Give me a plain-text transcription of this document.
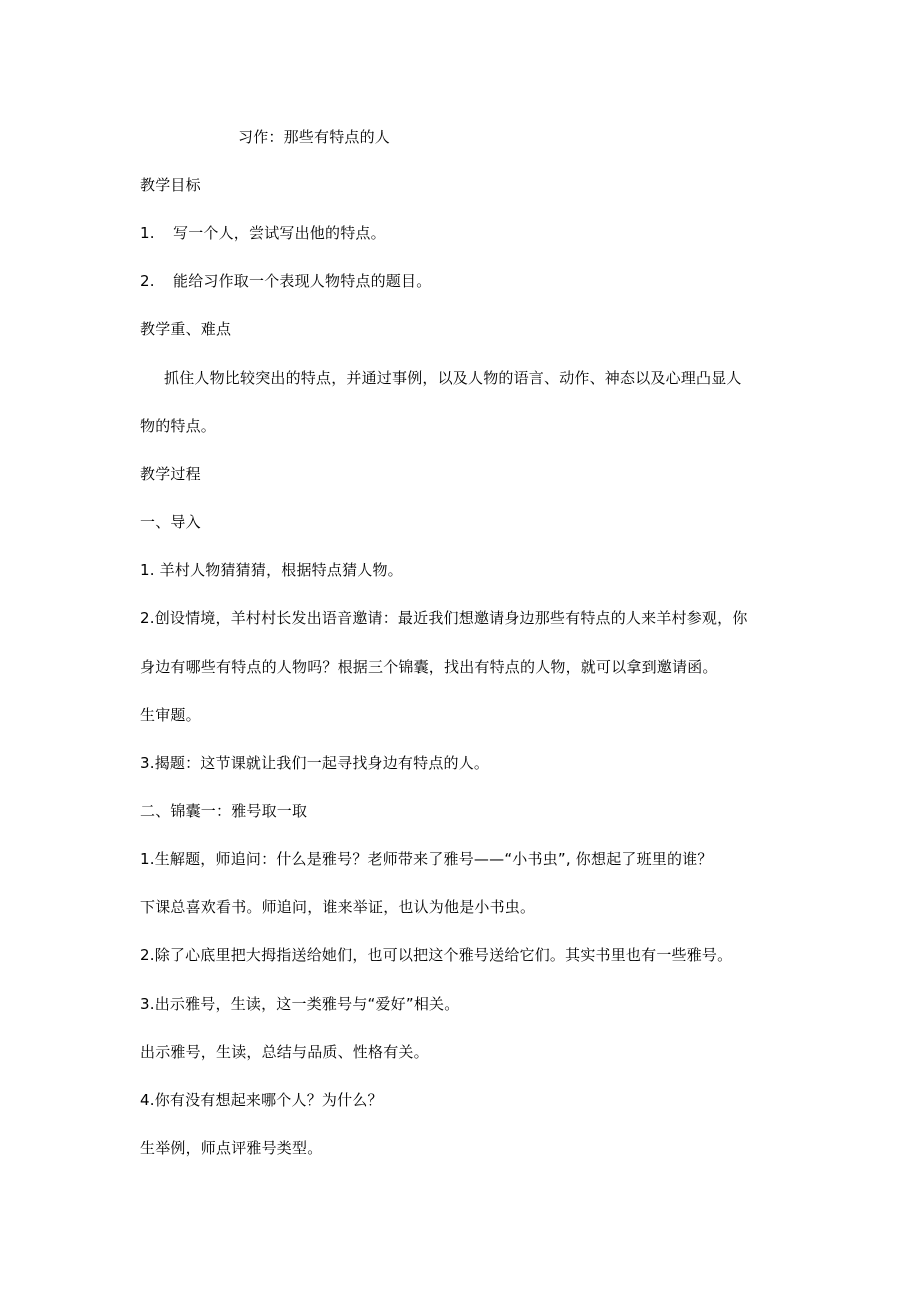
习作：那些有特点的人
教学目标
1. 写一个人，尝试写出他的特点。
2. 能给习作取一个表现人物特点的题目。
教学重、难点
抓住人物比较突出的特点，并通过事例，以及人物的语言、动作、神态以及心理凸显人
物的特点。
教学过程
一、导入
1. 羊村人物猜猜猜，根据特点猜人物。
2.创设情境，羊村村长发出语音邀请：最近我们想邀请身边那些有特点的人来羊村参观，你
身边有哪些有特点的人物吗？根据三个锦囊，找出有特点的人物，就可以拿到邀请函。
生审题。
3.揭题：这节课就让我们一起寻找身边有特点的人。
二、锦囊一：雅号取一取
1.生解题，师追问：什么是雅号？老师带来了雅号——“小书虫”, 你想起了班里的谁？
下课总喜欢看书。师追问，谁来举证，也认为他是小书虫。
2.除了心底里把大拇指送给她们，也可以把这个雅号送给它们。其实书里也有一些雅号。
3.出示雅号，生读，这一类雅号与“爱好”相关。
出示雅号，生读，总结与品质、性格有关。
4.你有没有想起来哪个人？为什么？
生举例，师点评雅号类型。
